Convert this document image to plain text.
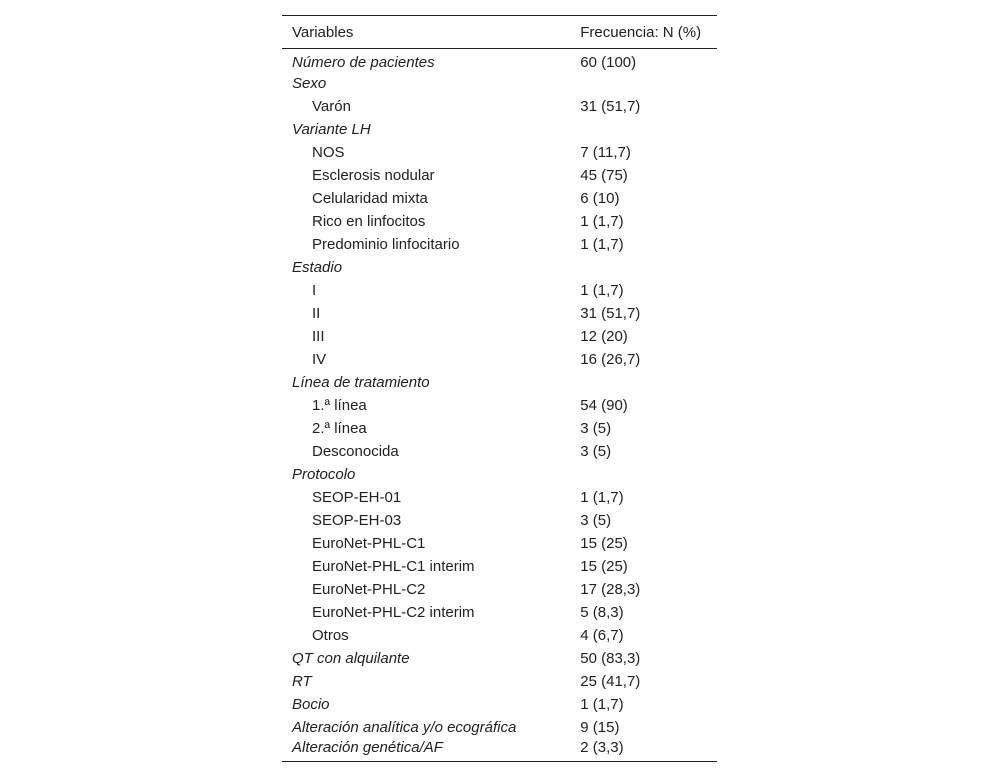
Variables	Frecuencia: N (%)
Número de pacientes	60 (100)
Sexo	
Varón	31 (51,7)
Variante LH	
NOS	7 (11,7)
Esclerosis nodular	45 (75)
Celularidad mixta	6 (10)
Rico en linfocitos	1 (1,7)
Predominio linfocitario	1 (1,7)
Estadio	
I	1 (1,7)
II	31 (51,7)
III	12 (20)
IV	16 (26,7)
Línea de tratamiento	
1.ª línea	54 (90)
2.ª línea	3 (5)
Desconocida	3 (5)
Protocolo	
SEOP-EH-01	1 (1,7)
SEOP-EH-03	3 (5)
EuroNet-PHL-C1	15 (25)
EuroNet-PHL-C1 interim	15 (25)
EuroNet-PHL-C2	17 (28,3)
EuroNet-PHL-C2 interim	5 (8,3)
Otros	4 (6,7)
QT con alquilante	50 (83,3)
RT	25 (41,7)
Bocio	1 (1,7)
Alteración analítica y/o ecográfica	9 (15)
Alteración genética/AF	2 (3,3)
